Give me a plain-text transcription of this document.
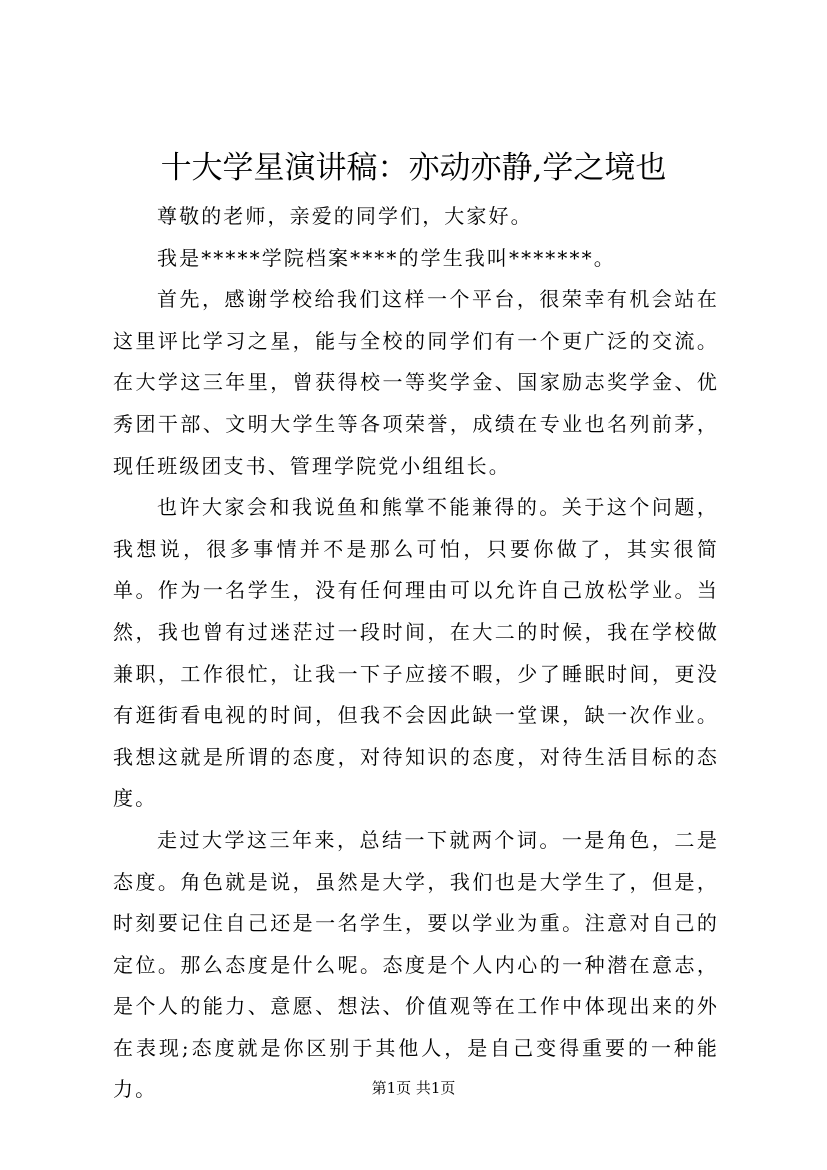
十大学星演讲稿：亦动亦静,学之境也

尊敬的老师，亲爱的同学们，大家好。

我是*****学院档案****的学生我叫*******。

首先，感谢学校给我们这样一个平台，很荣幸有机会站在这里评比学习之星，能与全校的同学们有一个更广泛的交流。在大学这三年里，曾获得校一等奖学金、国家励志奖学金、优秀团干部、文明大学生等各项荣誉，成绩在专业也名列前茅，现任班级团支书、管理学院党小组组长。

也许大家会和我说鱼和熊掌不能兼得的。关于这个问题，我想说，很多事情并不是那么可怕，只要你做了，其实很简单。作为一名学生，没有任何理由可以允许自己放松学业。当然，我也曾有过迷茫过一段时间，在大二的时候，我在学校做兼职，工作很忙，让我一下子应接不暇，少了睡眠时间，更没有逛街看电视的时间，但我不会因此缺一堂课，缺一次作业。我想这就是所谓的态度，对待知识的态度，对待生活目标的态度。

走过大学这三年来，总结一下就两个词。一是角色，二是态度。角色就是说，虽然是大学，我们也是大学生了，但是，时刻要记住自己还是一名学生，要以学业为重。注意对自己的定位。那么态度是什么呢。态度是个人内心的一种潜在意志，是个人的能力、意愿、想法、价值观等在工作中体现出来的外在表现;态度就是你区别于其他人，是自己变得重要的一种能力。	第1页 共1页
